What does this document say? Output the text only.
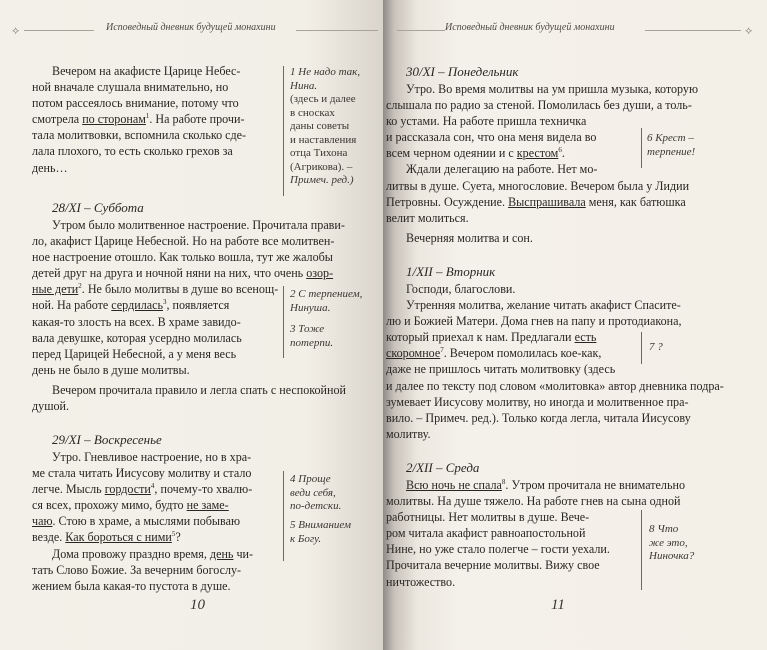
⟡	Исповедный дневник будущей монахини

Вечером на акафисте Царице Небес-
ной вначале слушала внимательно, но
потом рассеялось внимание, потому что
смотрела по сторонам$^1$. На работе прочи-
тала молитвовки, вспомнила сколько сде-
лала плохого, то есть сколько грехов за
день…

28/XI – Суббота

Утром было молитвенное настроение. Прочитала прави-
ло, акафист Царице Небесной. Но на работе все молитвен-
ное настроение отошло. Как только вошла, тут же жалобы
детей друг на друга и ночной няни на них, что очень озор-
ные дети$^2$. Не было молитвы в душе во всенощ-
ной. На работе сердилась$^3$, появляется
какая-то злость на всех. В храме завидо-
вала девушке, которая усердно молилась
перед Царицей Небесной, а у меня весь
день не было в душе молитвы.

Вечером прочитала правило и легла спать с неспокойной
душой.

29/XI – Воскресенье

Утро. Гневливое настроение, но в хра-
ме стала читать Иисусову молитву и стало
легче. Мысль гордости$^4$, почему-то хвалю-
ся всех, прохожу мимо, будто не заме-
чаю. Стою в храме, а мыслями побываю
везде. Как бороться с ними$^5$?
Дома провожу праздно время, день чи-
тать Слово Божие. За вечерним богослу-
жением была какая-то пустота в душе.

1 Не надо так,
Нина.
(здесь и далее
в сносках
даны советы
и наставления
отца Тихона
(Агрикова). –
Примеч. ред.)
2 С терпением,
Нинуша.
3 Тоже
потерпи.
4 Проще
веди себя,
по-детски.
5 Вниманием
к Богу.
10
Исповедный дневник будущей монахини	⟡
30/XI – Понедельник

Утро. Во время молитвы на ум пришла музыка, которую
слышала по радио за стеной. Помолилась без души, а толь-
ко устами. На работе пришла техничка
и рассказала сон, что она меня видела во
всем черном одеянии и с крестом$^6$.
Ждали делегацию на работе. Нет мо-
литвы в душе. Суета, многословие. Вечером была у Лидии
Петровны. Осуждение. Выспрашивала меня, как батюшка
велит молиться.

Вечерняя молитва и сон.

1/XII – Вторник

Господи, благослови.

Утренняя молитва, желание читать акафист Спасите-
лю и Божией Матери. Дома гнев на папу и протодиакона,
который приехал к нам. Предлагали есть
скоромное$^7$. Вечером помолилась кое-как,
даже не пришлось читать молитвовку (здесь
и далее по тексту под словом «молитовка» автор дневника подра-
зумевает Иисусову молитву, но иногда и молитвенное пра-
вило. – Примеч. ред.). Только когда легла, читала Иисусову
молитву.

2/XII – Среда

Всю ночь не спала$^8$. Утром прочитала не внимательно
молитвы. На душе тяжело. На работе гнев на сына одной
работницы. Нет молитвы в душе. Вече-
ром читала акафист равноапостольной
Нине, но уже стало полегче – гости уехали.
Прочитала вечерние молитвы. Вижу свое
ничтожество.

6 Крест –
терпение!
7 ?
8 Что
же это,
Ниночка?
11
